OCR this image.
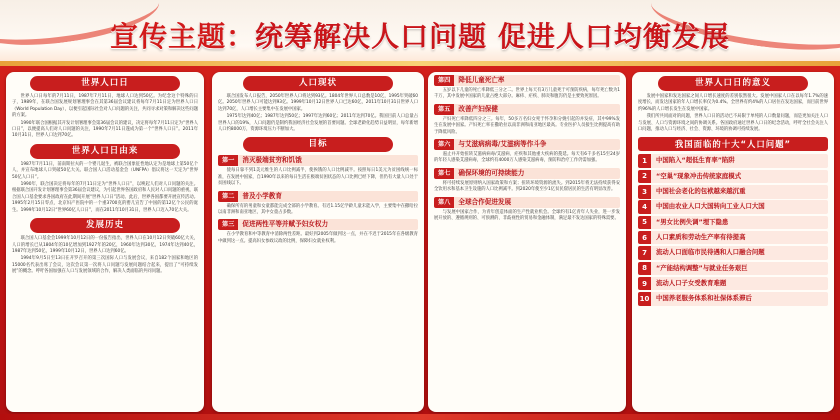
宣传主题：统筹解决人口问题 促进人口均衡发展
世界人口日

世界人口日每年的7月11日，1987年7月11日，地球人口达到50亿。为纪念这个特殊的日子，1989年，在联合国发展规划署理事会在其第36届会议建议将每年7月11日定为世界人口日（World Population Day），以便引起国际社会对人口问题的关注，共同寻求对策和解决这些问题的方案。

1990年联合国根据其开发计划署理事会第36届会议的建议，决定将每年7月11日定为“世界人口日”，以便提高人们对人口问题的关注，1990年7月11日遂成为第一个“世界人口日”。2011年10月31日，世界人口达到70亿。

世界人口日由来

1987年7月11日，前南斯拉夫的一个婴儿诞生，被联合国象征性地认定为是地球上第50亿个人，并宣布地球人口突破50亿大关。联合国人口活动基金会（UNFPA）倡议将这一天定为“世界50亿人口日”。

1990年，联合国决定将每年的7月11日定为“世界人口日”，以唤起人们对人口问题的关注。根据联合国开发计划署理事会第36届会议建议，为引起世界各国政府和人民对人口问题的重视，联合国人口基金要求各国政府在此期间开展“世界人口日”活动。此后，世界各国都要开展宣传活动。1995年2月15日零点，北京妇产医院中的一个重3700克的婴儿宣告了中国的第12亿个公民的诞生。1999年10月12日“世界60亿人口日”，而在2011年10月31日，世界人口迈入70亿大关。

发展历史

联合国人口基金会1999年10月12日的一份报告指出，世界人口在10月12日突破60亿大关，人口的增长已从1804年的10亿增加到1927年的20亿，1960年达到30亿，1974年达到40亿，1987年达到50亿，1999年10月12日，世界人口达到60亿。

1994年9月5日至13日在开罗召开的第三次国际人口与发展会议，来自182个国家和地区的15000名代表出席了会议，这次会议第一次将人口问题与发展问题结合起来，提出了“可持续发展”的概念。呼吁各国加强在人口与发展领域的合作，解决人类面临的共同问题。

人口现状

联合国发布人口报告，2050年世界人口将达到93亿。1804年世界人口总数是10亿，1995年突破60亿。2050年世界人口可能达到93亿。1999年10月12日世界人口已达60亿，2011年10月31日世界人口达到70亿，人口增长主要集中在发展中国家。

1975年达到40亿；1987年达到50亿；1997年达到60亿；2011年达到70亿。我国目前人口总量占世界人口的19%，人口问题仍是制约我国经济社会发展的首要问题。全球老龄化趋势日益明显，每年新增人口约8000万，资源环境压力不断加大。

目标
第一	消灭极端贫穷和饥饿

使每日靠不到1美元维生的人口比例减半，使挨饿的人口比例减半。按照每日1美元为贫困线统一标准，在发展中国家，自1990年以来的每日生活在极端贫困状态的人口比例已经下降，但仍有大量人口处于贫困线以下。

第二	普及小学教育

确保所有的男童和女童都能完成全部的小学教育。有近1.15亿学龄儿童未能入学，主要集中在撒哈拉以南非洲和南亚地区，其中女童占多数。

第三	促进两性平等并赋予妇女权力

在小学教育和中等教育中消除两性差距。最好到2005年做到这一点，并在不迟于2015年在各级教育中做到这一点。提高妇女参政议政的比例，保障妇女就业权利。

第四	降低儿童死亡率

五岁以下儿童的死亡率降低三分之二。世界上每天有3万儿童死于可预防疾病，每年死亡数为1千万，其中发展中国家的儿童占绝大部分。麻疹、疟疾、肺炎和腹泻仍是主要致死原因。

第五	改善产妇保健

产妇死亡率降低四分之三。每年，50多万名妇女死于怀孕和分娩引起的并发症，其中99%发生在发展中国家。产妇死亡率在撒哈拉以南非洲和南亚地区最高。专业医护人员接生比例提高有助于降低风险。

第六	与艾滋病病毒/艾滋病等作斗争

遏止并开始扭转艾滋病病毒/艾滋病、疟疾和其他重大疾病的蔓延。每天有6千多名15至24岁的年轻人感染艾滋病毒，全球约有4000万人感染艾滋病毒，预防和治疗工作仍需加强。

第七	确保环境的可持续能力

将可持续发展原则纳入国家政策和方案；扭转环境资源的流失。到2015年将无法持续获得安全饮用水和基本卫生设施的人口比例减半。到2020年使至少1亿贫民窟居民的生活有明显改善。

第八	全球合作促进发展

与发展中国家合作，为青年创造体面的生产性就业机会。全球约有1亿青年人失业，进一步发展开放的、遵循规则的、可预测的、非歧视性的贸易和金融体制，满足最不发达国家的特殊需要。

世界人口日的意义

发展中国家和发达国家之间人口增长速度的差别依然很大。发展中国家人口在以每年1.7%的速度增长，而发达国家的年人口增长率仅为0.4%。全世界有约4%的人口居住在发达国家，而目前世界约96%的人口增长发生在发展中国家。

我们所共同面对的问题，世界人口日的活动已不局限于单纯的人口数量问题，而是更加关注人口与发展、人口与资源环境之间的协调关系。各国政府通过世界人口日的纪念活动，呼吁全社会关注人口问题，推动人口与经济、社会、资源、环境的协调可持续发展。

我国面临的十大“人口问题”
1	中国陷入“超低生育率”陷阱
2	“空巢”现象冲击传统家庭模式
3	中国社会老化的包袱越来越沉重
4	中国由农业人口大国转向工业人口大国
5	“男女比例失调”埋下隐患
6	人口素质和劳动生产率有待提高
7	流动人口面临市民待遇和人口融合问题
8	“产能结构调整”与就业任务艰巨
9	流动人口子女受教育难题
10	中国养老服务体系和社保体系滞后
